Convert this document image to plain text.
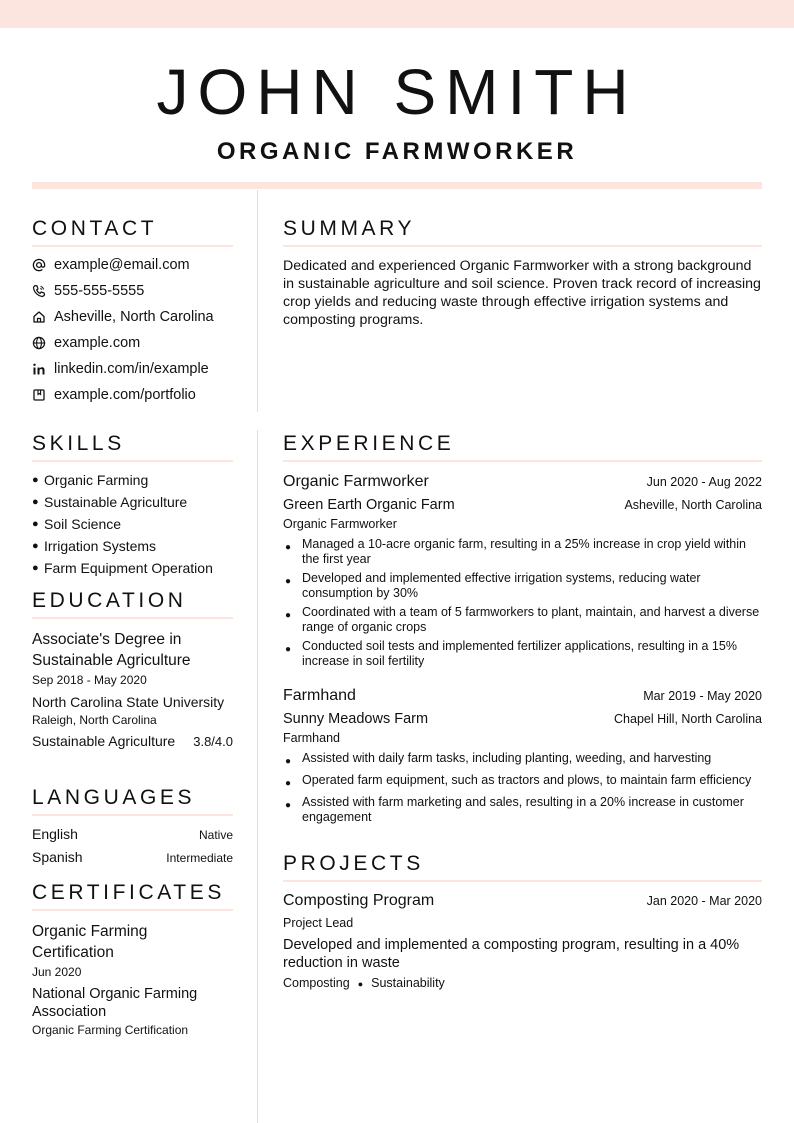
JOHN SMITH
ORGANIC FARMWORKER
CONTACT
example@email.com
555-555-5555
Asheville, North Carolina
example.com
linkedin.com/in/example
example.com/portfolio
SUMMARY
Dedicated and experienced Organic Farmworker with a strong background in sustainable agriculture and soil science. Proven track record of increasing crop yields and reducing waste through effective irrigation systems and composting programs.
SKILLS
● Organic Farming
● Sustainable Agriculture
● Soil Science
● Irrigation Systems
● Farm Equipment Operation
EDUCATION
Associate's Degree in Sustainable Agriculture
Sep 2018 - May 2020
North Carolina State University
Raleigh, North Carolina
Sustainable Agriculture 3.8/4.0
LANGUAGES
English	Native
Spanish	Intermediate
CERTIFICATES
Organic Farming Certification
Jun 2020
National Organic Farming Association
Organic Farming Certification
EXPERIENCE
Organic Farmworker	Jun 2020 - Aug 2022
Green Earth Organic Farm	Asheville, North Carolina
Organic Farmworker
● Managed a 10-acre organic farm, resulting in a 25% increase in crop yield within the first year
● Developed and implemented effective irrigation systems, reducing water consumption by 30%
● Coordinated with a team of 5 farmworkers to plant, maintain, and harvest a diverse range of organic crops
● Conducted soil tests and implemented fertilizer applications, resulting in a 15% increase in soil fertility
Farmhand	Mar 2019 - May 2020
Sunny Meadows Farm	Chapel Hill, North Carolina
Farmhand
● Assisted with daily farm tasks, including planting, weeding, and harvesting
● Operated farm equipment, such as tractors and plows, to maintain farm efficiency
● Assisted with farm marketing and sales, resulting in a 20% increase in customer engagement
PROJECTS
Composting Program	Jan 2020 - Mar 2020
Project Lead
Developed and implemented a composting program, resulting in a 40% reduction in waste
Composting ● Sustainability
